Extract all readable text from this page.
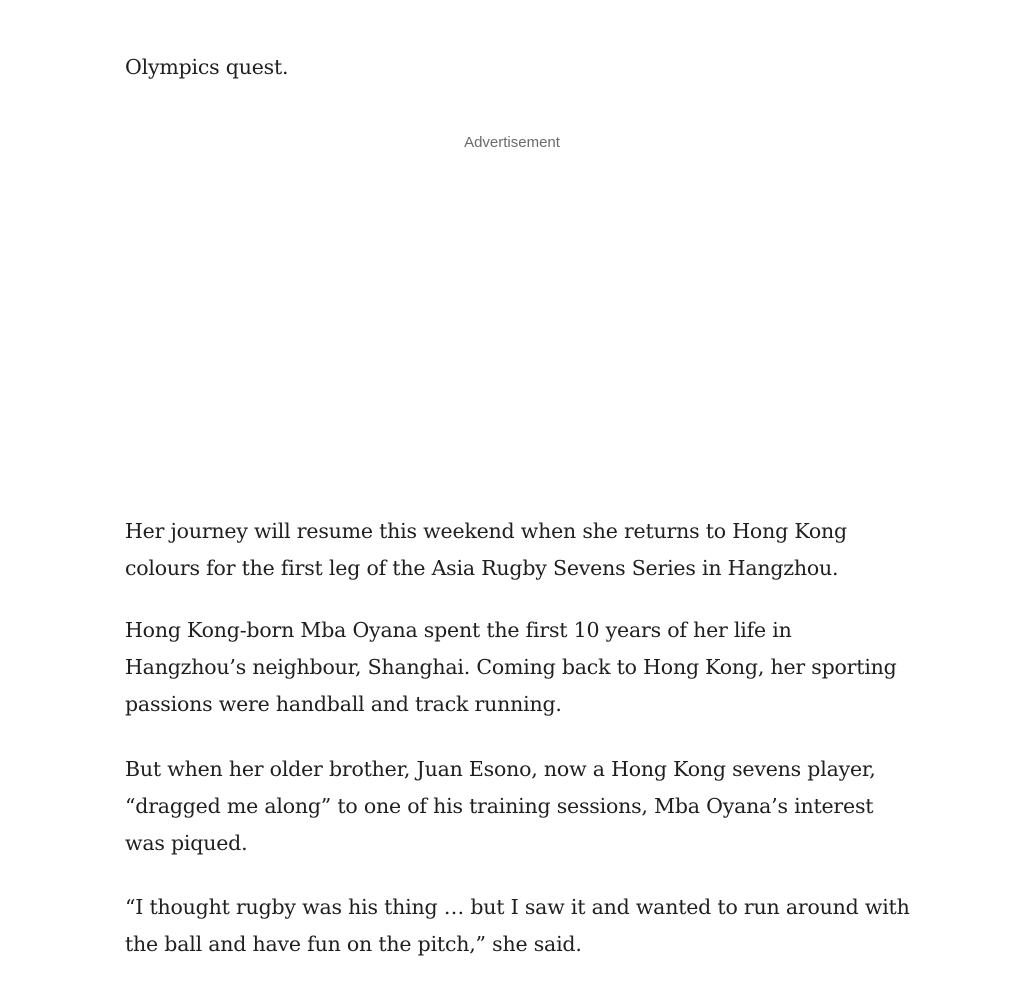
Olympics quest.

Advertisement

Her journey will resume this weekend when she returns to Hong Kong colours for the first leg of the Asia Rugby Sevens Series in Hangzhou.

Hong Kong-born Mba Oyana spent the first 10 years of her life in Hangzhou’s neighbour, Shanghai. Coming back to Hong Kong, her sporting passions were handball and track running.

But when her older brother, Juan Esono, now a Hong Kong sevens player, “dragged me along” to one of his training sessions, Mba Oyana’s interest was piqued.

“I thought rugby was his thing … but I saw it and wanted to run around with the ball and have fun on the pitch,” she said.
